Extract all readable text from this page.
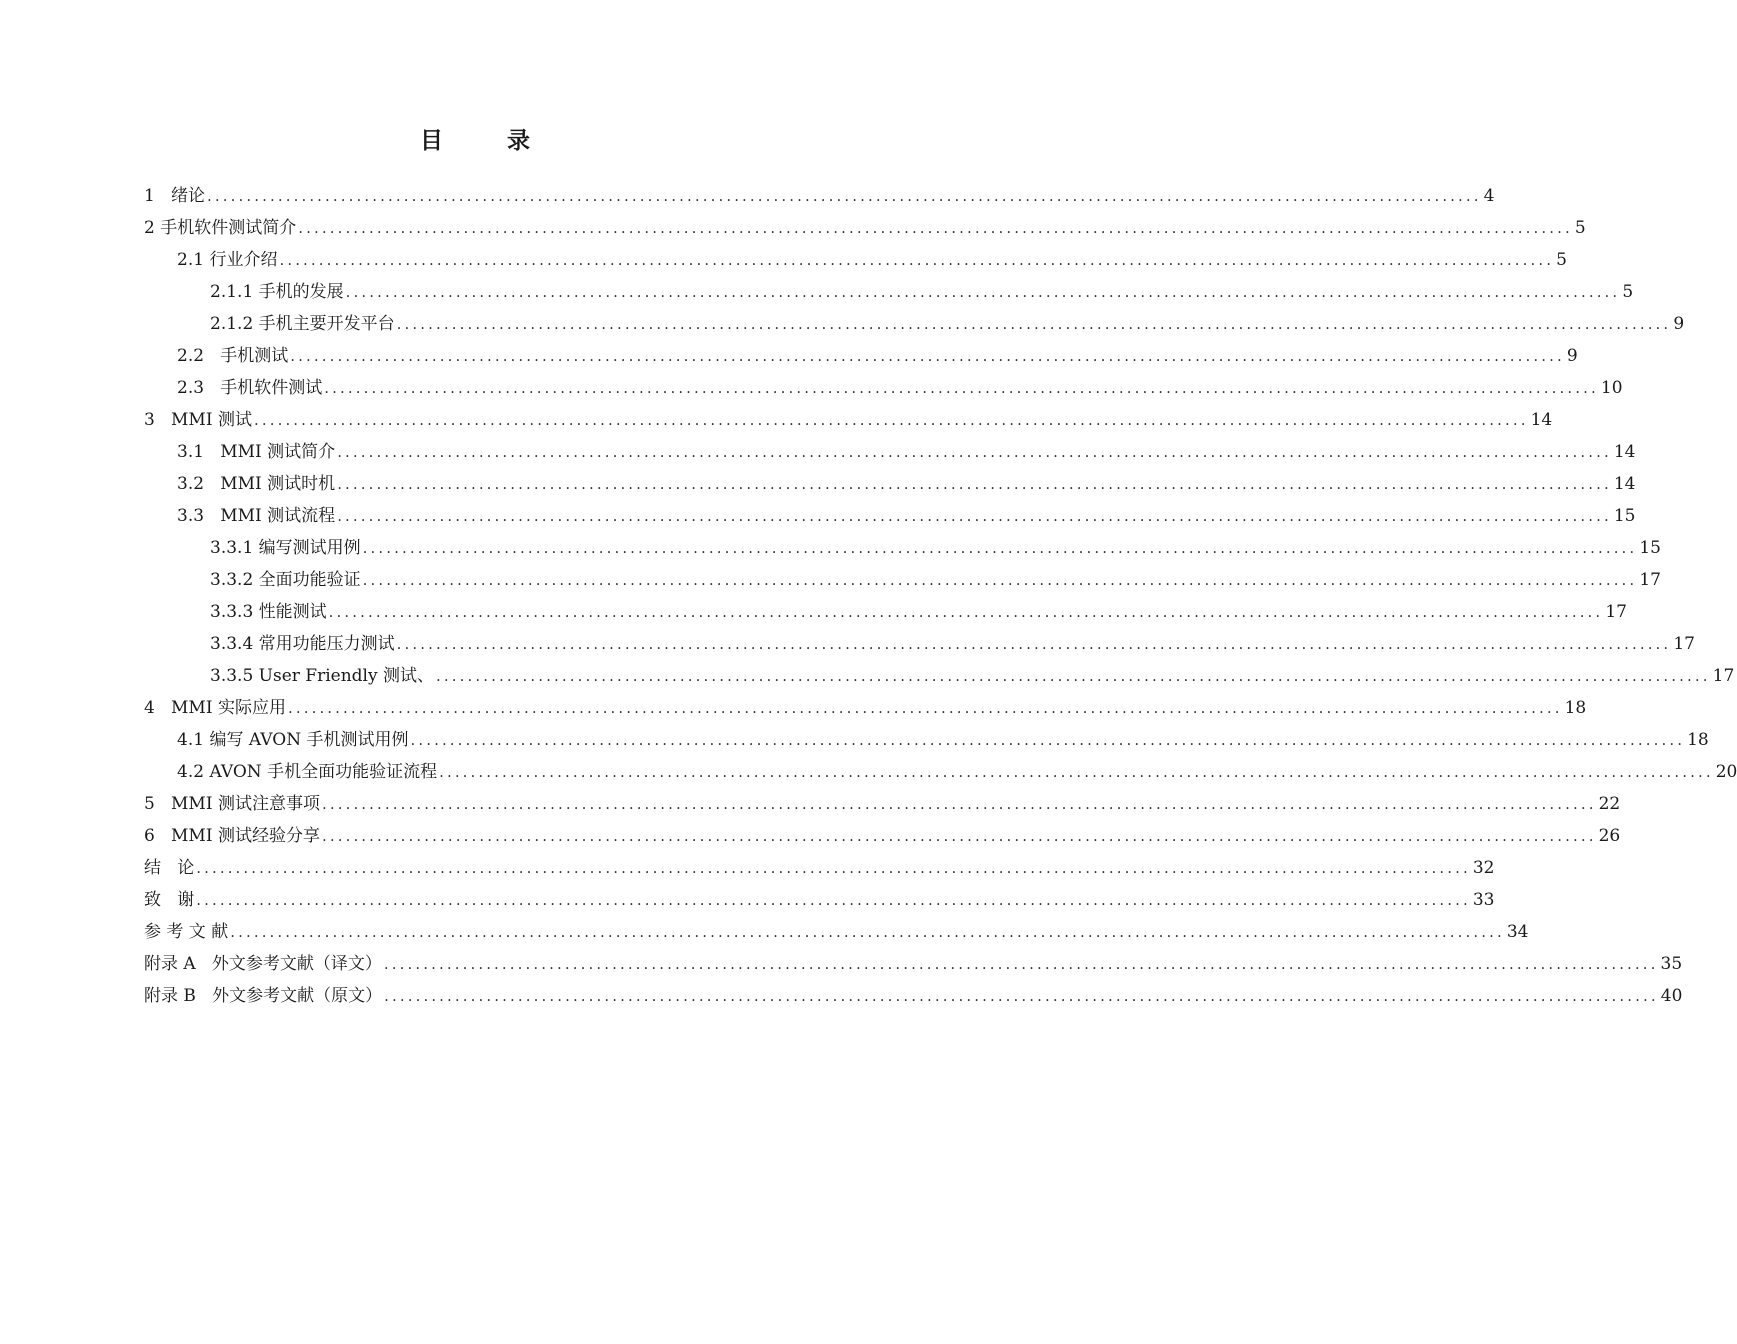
目 录
1   绪论 .................................................................................................................................................................. 4
2 手机软件测试简介 .................................................................................................................................................................. 5
2.1 行业介绍 .................................................................................................................................................................. 5
2.1.1 手机的发展 .................................................................................................................................................................. 5
2.1.2 手机主要开发平台 .................................................................................................................................................................. 9
2.2   手机测试 .................................................................................................................................................................. 9
2.3   手机软件测试 .................................................................................................................................................................. 10
3   MMI 测试 .................................................................................................................................................................. 14
3.1   MMI 测试简介 .................................................................................................................................................................. 14
3.2   MMI 测试时机 .................................................................................................................................................................. 14
3.3   MMI 测试流程 .................................................................................................................................................................. 15
3.3.1 编写测试用例 .................................................................................................................................................................. 15
3.3.2 全面功能验证 .................................................................................................................................................................. 17
3.3.3 性能测试 .................................................................................................................................................................. 17
3.3.4 常用功能压力测试 .................................................................................................................................................................. 17
3.3.5 User Friendly 测试、 .................................................................................................................................................................. 17
4   MMI 实际应用 .................................................................................................................................................................. 18
4.1 编写 AVON 手机测试用例 .................................................................................................................................................................. 18
4.2 AVON 手机全面功能验证流程 .................................................................................................................................................................. 20
5   MMI 测试注意事项 .................................................................................................................................................................. 22
6   MMI 测试经验分享 .................................................................................................................................................................. 26
结   论 .................................................................................................................................................................. 32
致   谢 .................................................................................................................................................................. 33
参 考 文 献 .................................................................................................................................................................. 34
附录 A   外文参考文献（译文） .................................................................................................................................................................. 35
附录 B   外文参考文献（原文） .................................................................................................................................................................. 40
